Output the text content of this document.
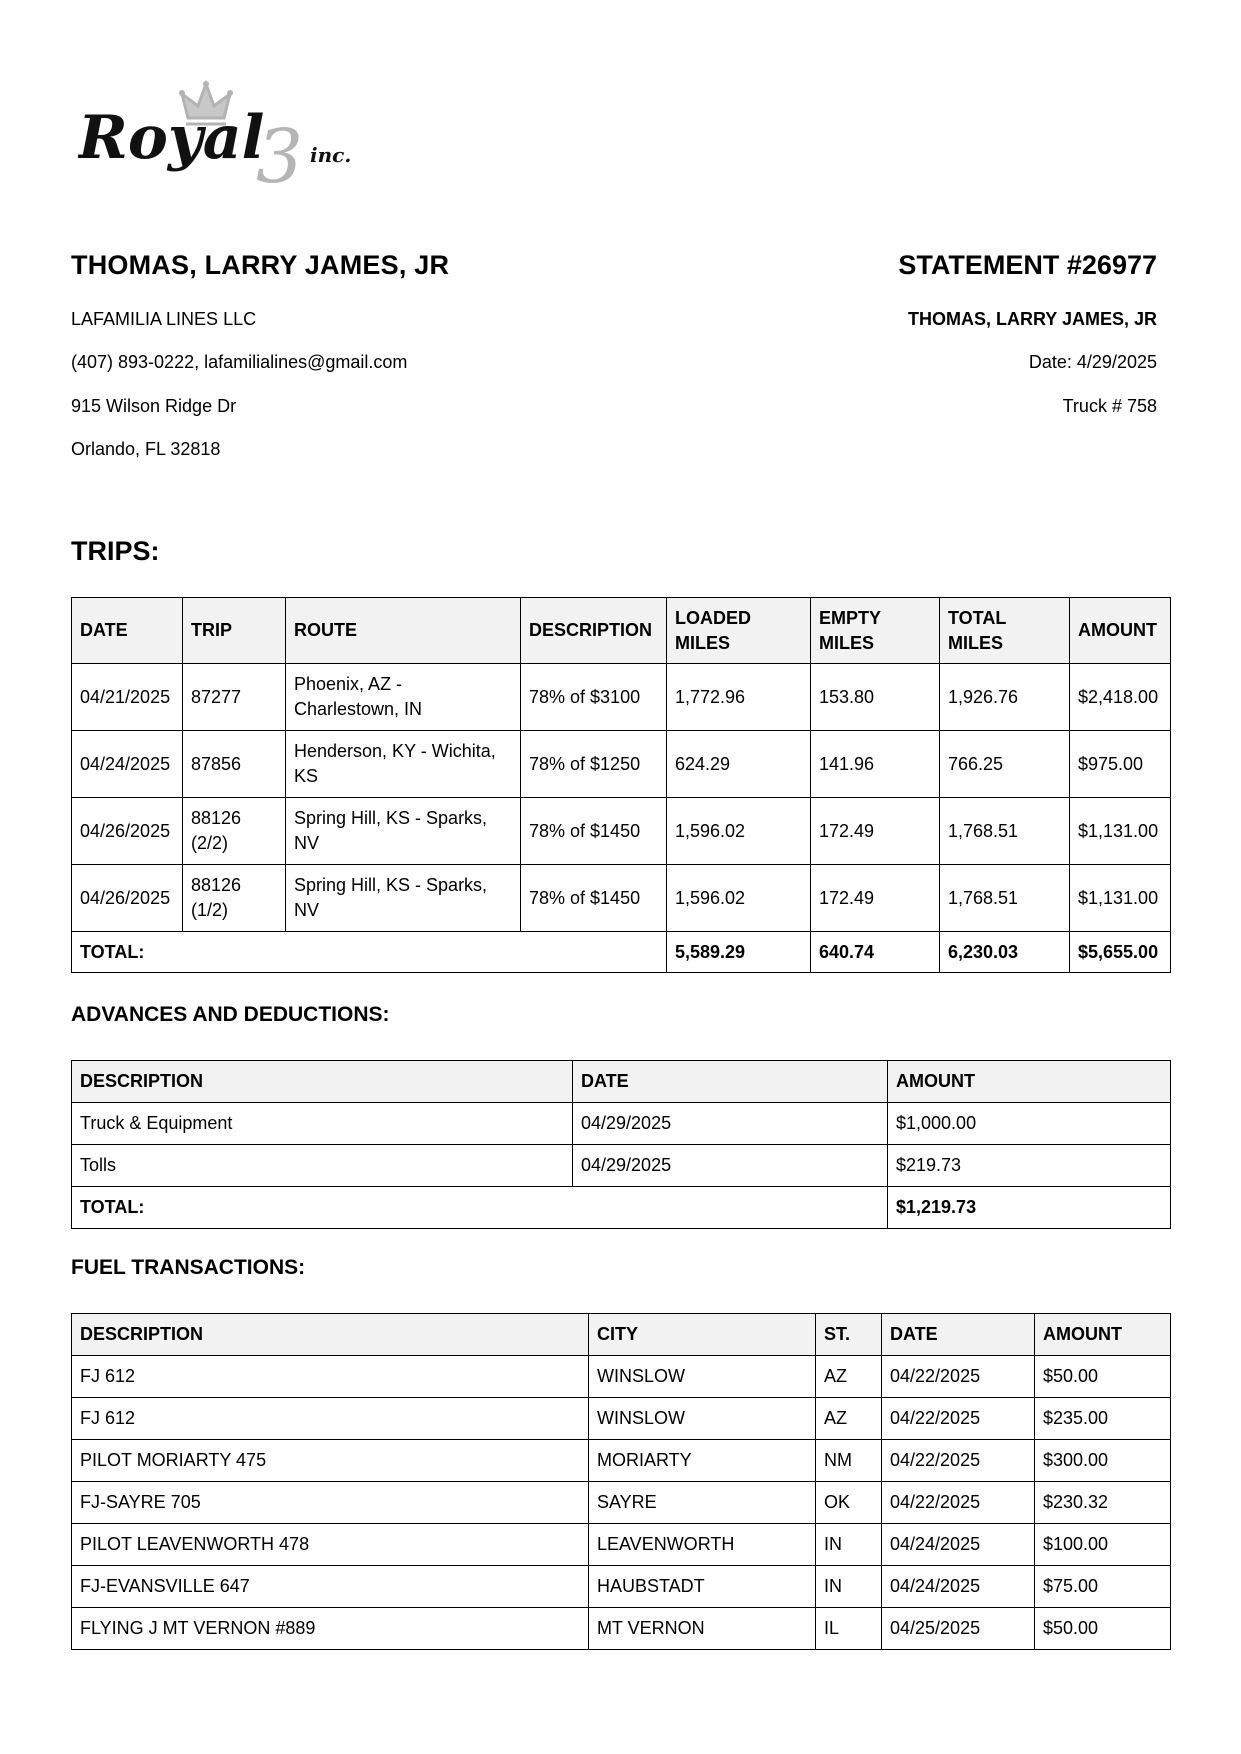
Royal
3 inc.
THOMAS, LARRY JAMES, JR
LAFAMILIA LINES LLC
(407) 893-0222, lafamilialines@gmail.com
915 Wilson Ridge Dr
Orlando, FL 32818
STATEMENT #26977
THOMAS, LARRY JAMES, JR
Date: 4/29/2025
Truck # 758
TRIPS:
DATE	TRIP	ROUTE	DESCRIPTION	LOADED MILES	EMPTY MILES	TOTAL MILES	AMOUNT
04/21/2025	87277	Phoenix, AZ - Charlestown, IN	78% of $3100	1,772.96	153.80	1,926.76	$2,418.00
04/24/2025	87856	Henderson, KY - Wichita, KS	78% of $1250	624.29	141.96	766.25	$975.00
04/26/2025	88126 (2/2)	Spring Hill, KS - Sparks, NV	78% of $1450	1,596.02	172.49	1,768.51	$1,131.00
04/26/2025	88126 (1/2)	Spring Hill, KS - Sparks, NV	78% of $1450	1,596.02	172.49	1,768.51	$1,131.00
TOTAL:				5,589.29	640.74	6,230.03	$5,655.00
ADVANCES AND DEDUCTIONS:
DESCRIPTION	DATE	AMOUNT
Truck & Equipment	04/29/2025	$1,000.00
Tolls	04/29/2025	$219.73
TOTAL:		$1,219.73
FUEL TRANSACTIONS:
DESCRIPTION	CITY	ST.	DATE	AMOUNT
FJ 612	WINSLOW	AZ	04/22/2025	$50.00
FJ 612	WINSLOW	AZ	04/22/2025	$235.00
PILOT MORIARTY 475	MORIARTY	NM	04/22/2025	$300.00
FJ-SAYRE 705	SAYRE	OK	04/22/2025	$230.32
PILOT LEAVENWORTH 478	LEAVENWORTH	IN	04/24/2025	$100.00
FJ-EVANSVILLE 647	HAUBSTADT	IN	04/24/2025	$75.00
FLYING J MT VERNON #889	MT VERNON	IL	04/25/2025	$50.00
